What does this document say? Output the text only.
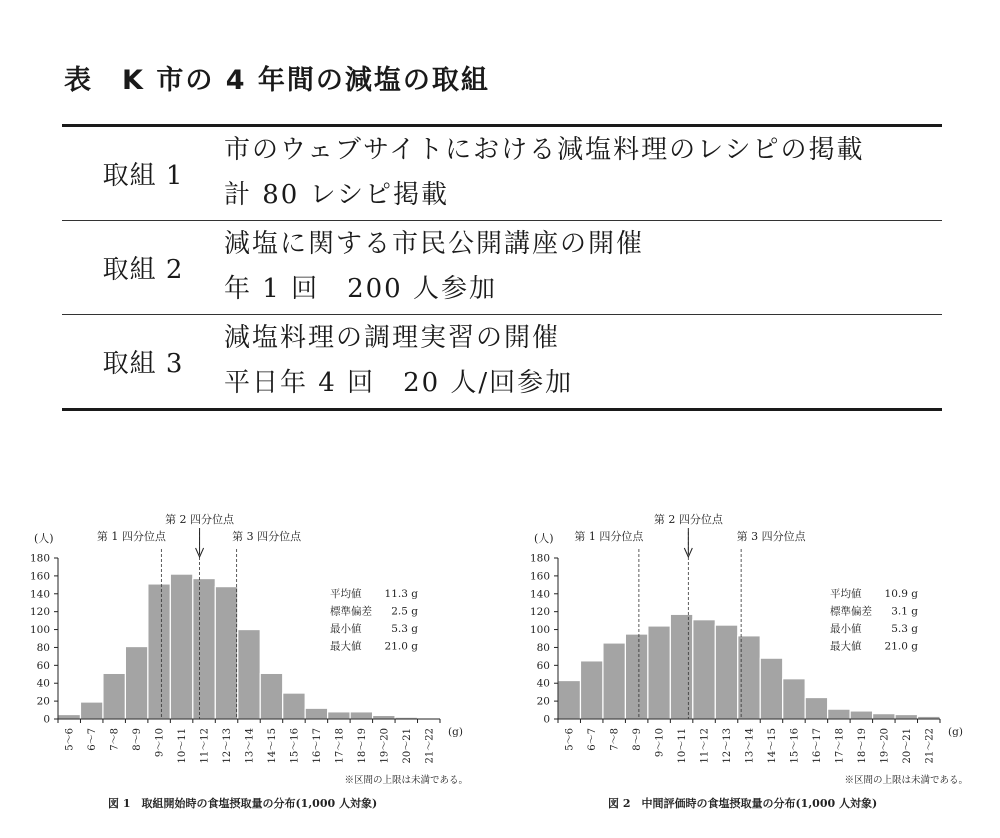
表　K 市の 4 年間の減塩の取組
取組 1	市のウェブサイトにおける減塩料理のレシピの掲載
計 80 レシピ掲載

取組 2	減塩に関する市民公開講座の開催
年 1 回　200 人参加

取組 3	減塩料理の調理実習の開催
平日年 4 回　20 人/回参加
0
20
40
60
80
100
120
140
160
180
(人)
5～6 6～7 7～8 8～9 9～10 10～11 11～12 12～13 13～14 14～15 15～16 16～17 17～18 18～19 19～20 20～21 21～22 (g)
第 1 四分位点
第 2 四分位点
第 3 四分位点
平均値 11.3 g
標準偏差 2.5 g
最小値	5.3 g
最大値 21.0 g
※区間の上限は未満である。
図 1　取組開始時の食塩摂取量の分布(1,000 人対象)
0
20
40
60
80
100
120
140
160
180
(人)
5～6 6～7 7～8 8～9 9～10 10～11 11～12 12～13 13～14 14～15 15～16 16～17 17～18 18～19 19～20 20～21 21～22 (g)
第 1 四分位点
第 2 四分位点
第 3 四分位点
平均値 10.9 g
標準偏差 3.1 g
最小値	5.3 g
最大値 21.0 g
※区間の上限は未満である。
図 2　中間評価時の食塩摂取量の分布(1,000 人対象)
